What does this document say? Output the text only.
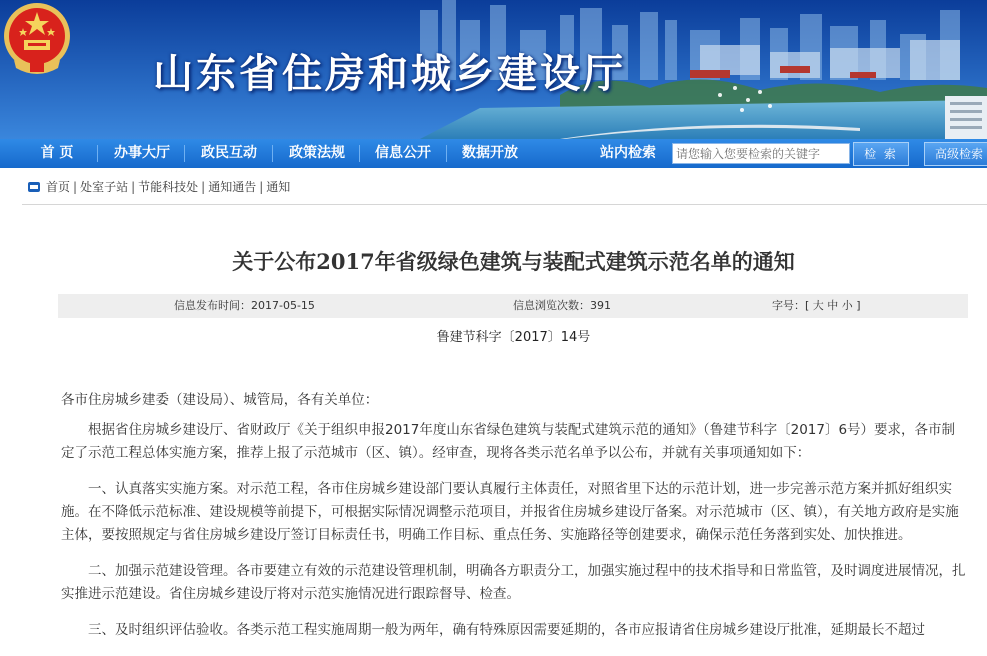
山东省住房和城乡建设厅
首 页	办事大厅	政民互动	政策法规	信息公开	数据开放	站内检索
请您输入您要检索的关键字	检 索	高级检索
首页 | 处室子站 | 节能科技处 | 通知通告 | 通知
关于公布2017年省级绿色建筑与装配式建筑示范名单的通知
信息发布时间：2017-05-15	信息浏览次数：391	字号：[ 大 中 小 ]
鲁建节科字〔2017〕14号

各市住房城乡建委（建设局）、城管局，各有关单位：

根据省住房城乡建设厅、省财政厅《关于组织申报2017年度山东省绿色建筑与装配式建筑示范的通知》（鲁建节科字〔2017〕6号）要求，各市制定了示范工程总体实施方案，推荐上报了示范城市（区、镇）。经审查，现将各类示范名单予以公布，并就有关事项通知如下：

一、认真落实实施方案。对示范工程，各市住房城乡建设部门要认真履行主体责任，对照省里下达的示范计划，进一步完善示范方案并抓好组织实施。在不降低示范标准、建设规模等前提下，可根据实际情况调整示范项目，并报省住房城乡建设厅备案。对示范城市（区、镇），有关地方政府是实施主体，要按照规定与省住房城乡建设厅签订目标责任书，明确工作目标、重点任务、实施路径等创建要求，确保示范任务落到实处、加快推进。

二、加强示范建设管理。各市要建立有效的示范建设管理机制，明确各方职责分工，加强实施过程中的技术指导和日常监管，及时调度进展情况，扎实推进示范建设。省住房城乡建设厅将对示范实施情况进行跟踪督导、检查。

三、及时组织评估验收。各类示范工程实施周期一般为两年，确有特殊原因需要延期的，各市应报请省住房城乡建设厅批准，延期最长不超过
